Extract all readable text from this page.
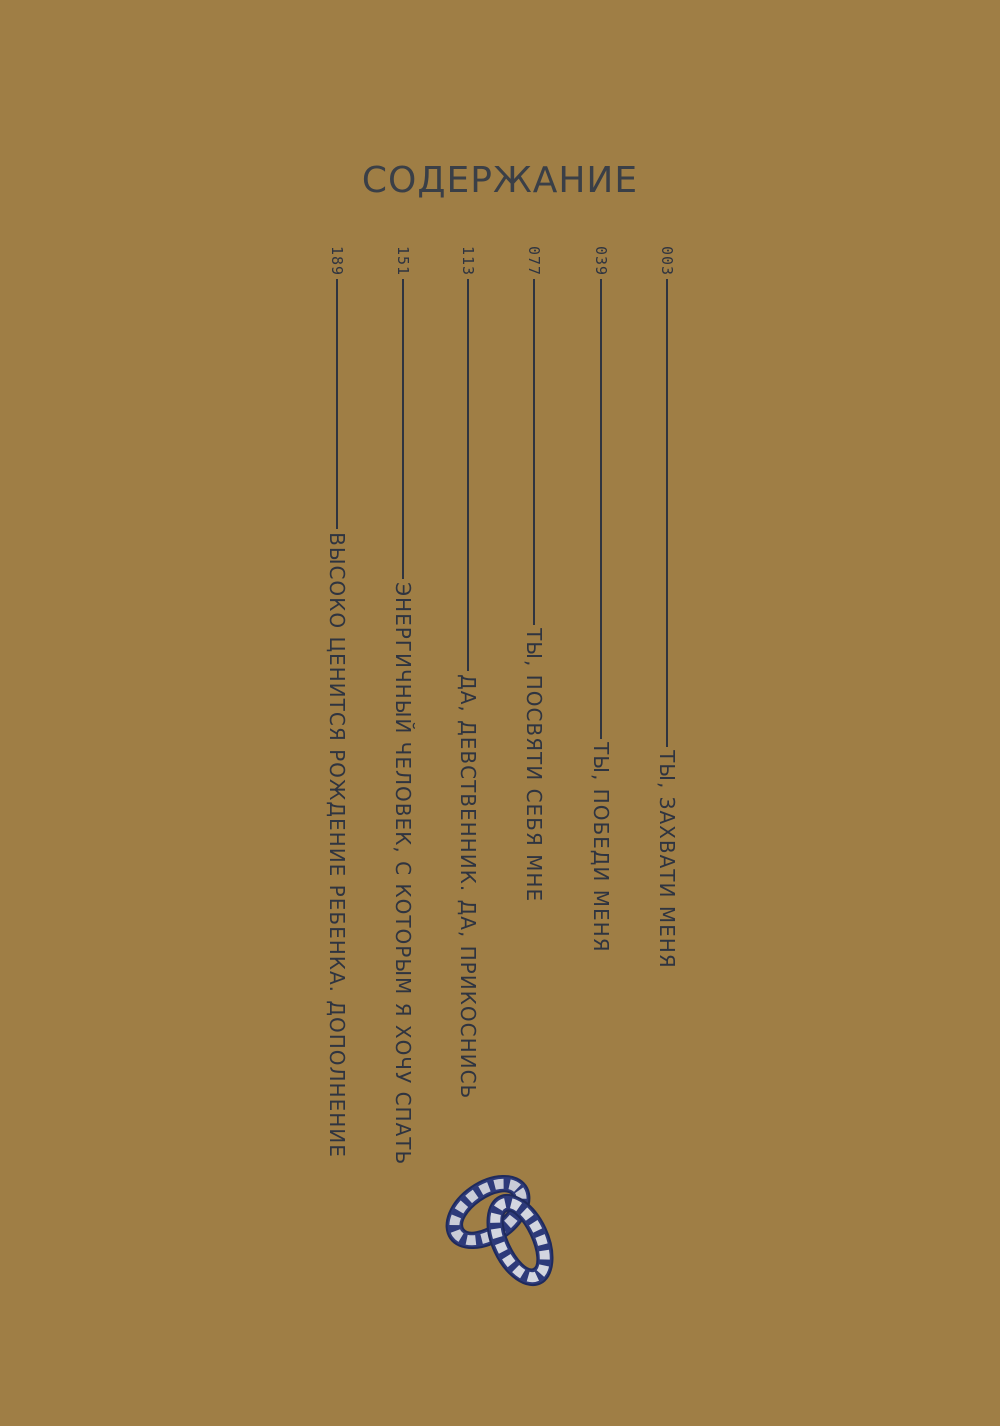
СОДЕРЖАНИЕ
003
ТЫ, ЗАХВАТИ МЕНЯ
039
ТЫ, ПОБЕДИ МЕНЯ
077
ТЫ, ПОСВЯТИ СЕБЯ МНЕ
113
ДА, ДЕВСТВЕННИК. ДА, ПРИКОСНИСЬ
151
ЭНЕРГИЧНЫЙ ЧЕЛОВЕК, С КОТОРЫМ Я ХОЧУ СПАТЬ
189
ВЫСОКО ЦЕНИТСЯ РОЖДЕНИЕ РЕБЕНКА. ДОПОЛНЕНИЕ
